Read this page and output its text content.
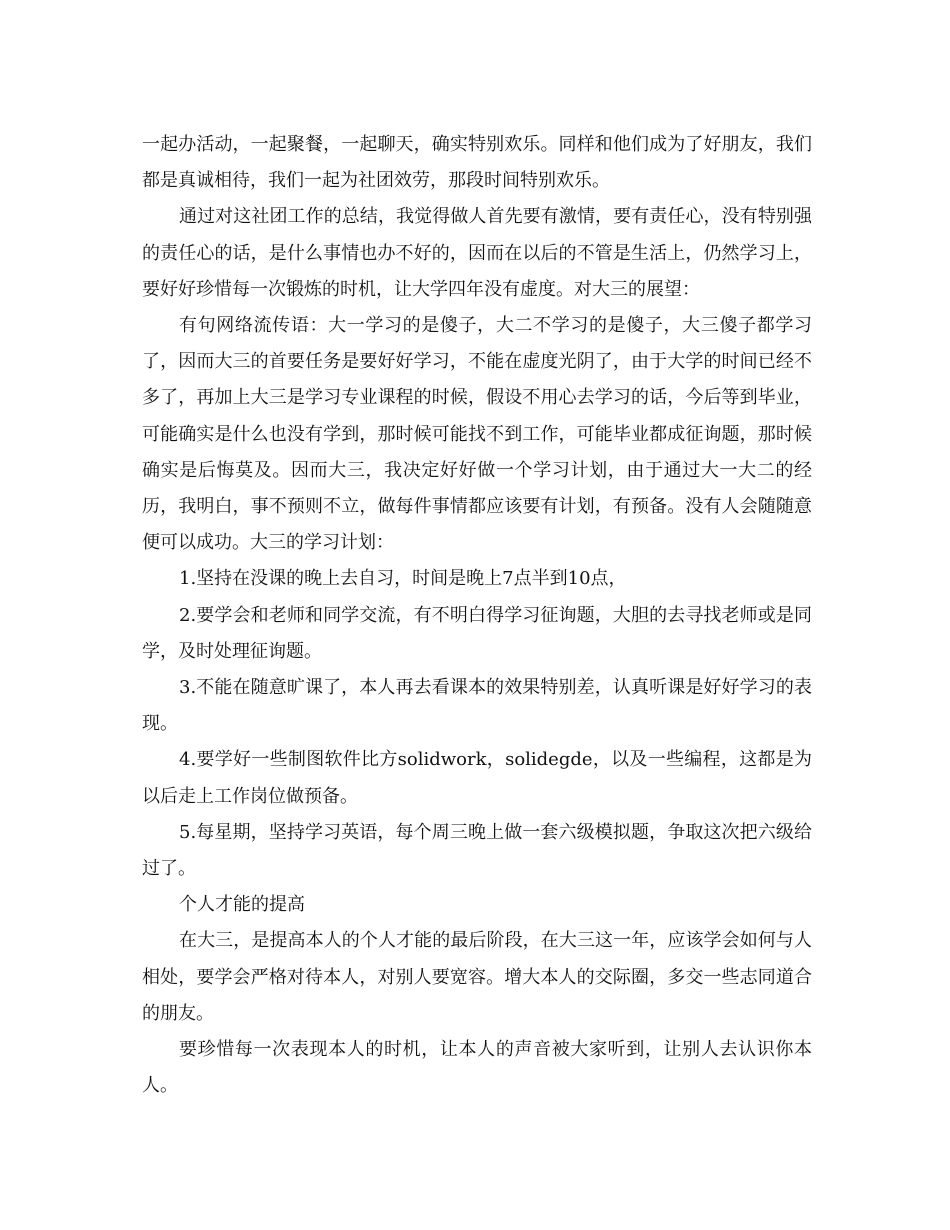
一起办活动，一起聚餐，一起聊天，确实特别欢乐。同样和他们成为了好朋友，我们都是真诚相待，我们一起为社团效劳，那段时间特别欢乐。

通过对这社团工作的总结，我觉得做人首先要有激情，要有责任心，没有特别强的责任心的话，是什么事情也办不好的，因而在以后的不管是生活上，仍然学习上，要好好珍惜每一次锻炼的时机，让大学四年没有虚度。对大三的展望：

有句网络流传语：大一学习的是傻子，大二不学习的是傻子，大三傻子都学习了，因而大三的首要任务是要好好学习，不能在虚度光阴了，由于大学的时间已经不多了，再加上大三是学习专业课程的时候，假设不用心去学习的话，今后等到毕业，可能确实是什么也没有学到，那时候可能找不到工作，可能毕业都成征询题，那时候确实是后悔莫及。因而大三，我决定好好做一个学习计划，由于通过大一大二的经历，我明白，事不预则不立，做每件事情都应该要有计划，有预备。没有人会随随意便可以成功。大三的学习计划：

1.坚持在没课的晚上去自习，时间是晚上7点半到10点，

2.要学会和老师和同学交流，有不明白得学习征询题，大胆的去寻找老师或是同学，及时处理征询题。

3.不能在随意旷课了，本人再去看课本的效果特别差，认真听课是好好学习的表现。

4.要学好一些制图软件比方solidwork，solidegde，以及一些编程，这都是为以后走上工作岗位做预备。

5.每星期，坚持学习英语，每个周三晚上做一套六级模拟题，争取这次把六级给过了。

个人才能的提高

在大三，是提高本人的个人才能的最后阶段，在大三这一年，应该学会如何与人相处，要学会严格对待本人，对别人要宽容。增大本人的交际圈，多交一些志同道合的朋友。

要珍惜每一次表现本人的时机，让本人的声音被大家听到，让别人去认识你本人。
